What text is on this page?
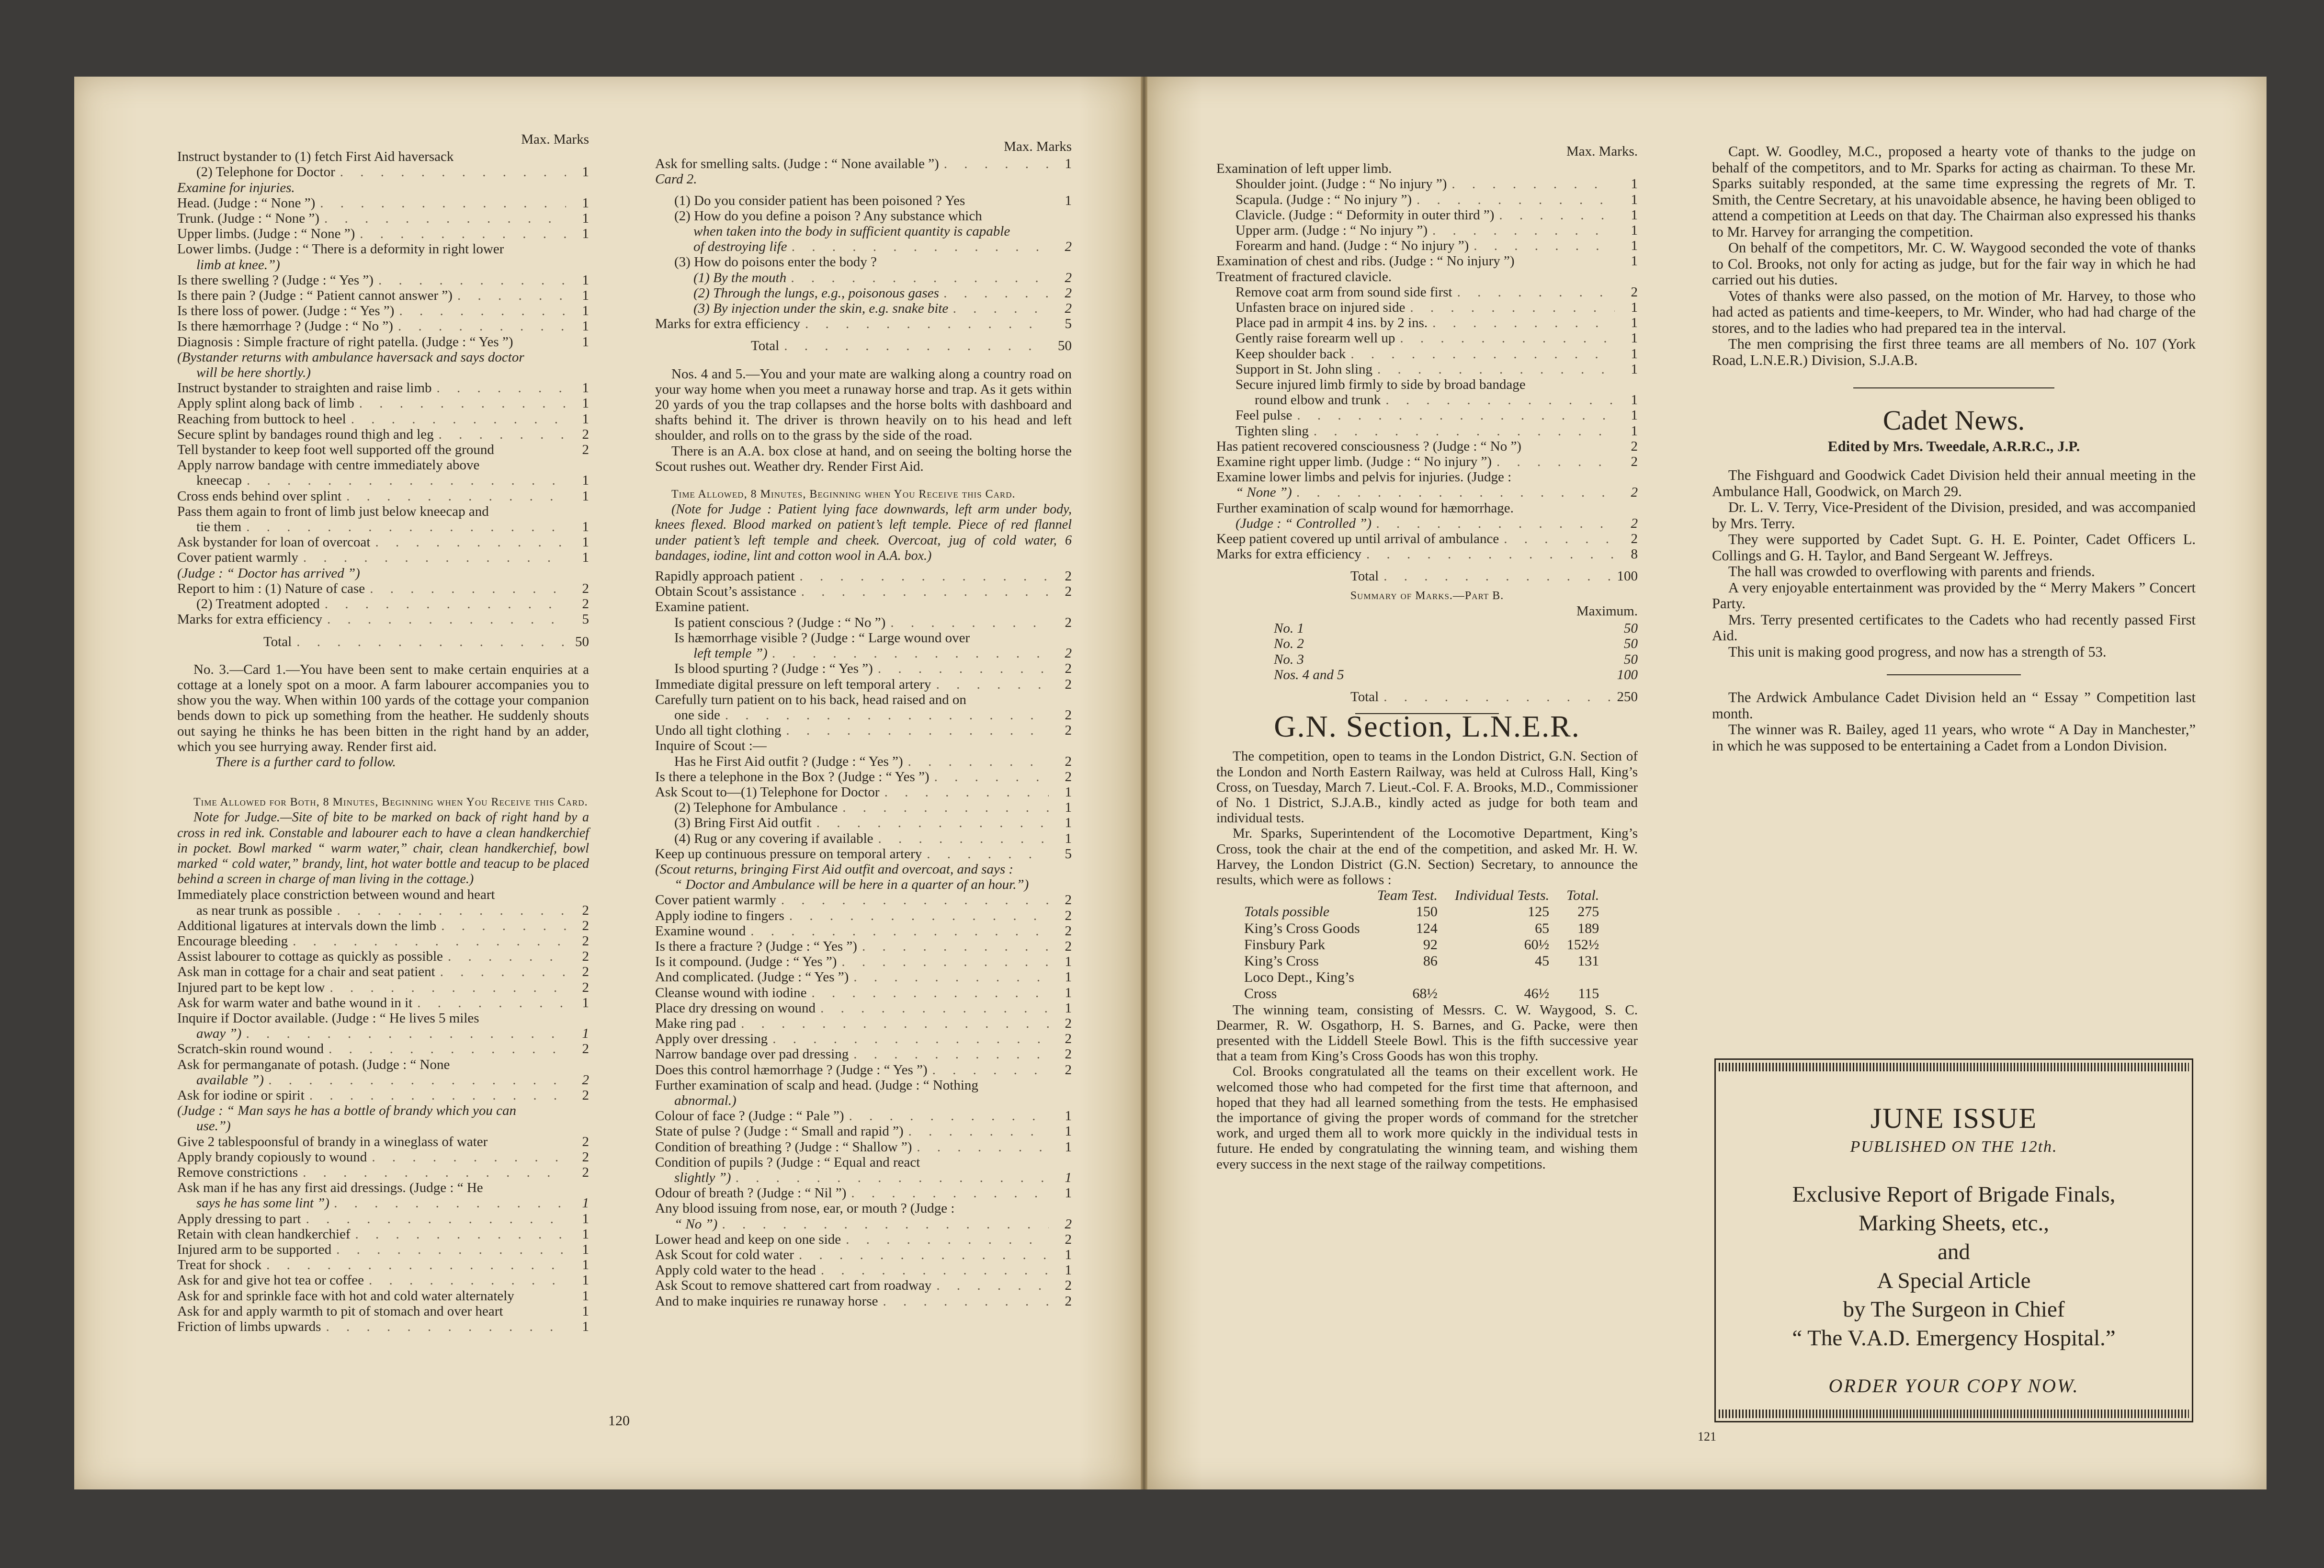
Max. Marks
Instruct bystander to (1) fetch First Aid haversack
(2) Telephone for Doctor . . .	1
Examine for injuries.
Head. (Judge : “ None ”) . . .	1
Trunk. (Judge : “ None ”) . . .	1
Upper limbs. (Judge : “ None ”) . . .	1
Lower limbs. (Judge : “ There is a deformity in right lower
limb at knee.”)
Is there swelling ? (Judge : “ Yes ”) . . .	1
Is there pain ? (Judge : “ Patient cannot answer ”) . . .	1
Is there loss of power. (Judge : “ Yes ”) . . .	1
Is there hæmorrhage ? (Judge : “ No ”) . . .	1
Diagnosis : Simple fracture of right patella. (Judge : “ Yes ”)	1
(Bystander returns with ambulance haversack and says doctor
will be here shortly.)
Instruct bystander to straighten and raise limb . . .	1
Apply splint along back of limb . . .	1
Reaching from buttock to heel . . .	1
Secure splint by bandages round thigh and leg . . .	2
Tell bystander to keep foot well supported off the ground	2
Apply narrow bandage with centre immediately above
kneecap . . .	1
Cross ends behind over splint . . .	1
Pass them again to front of limb just below kneecap and
tie them . . .	1
Ask bystander for loan of overcoat . . .	1
Cover patient warmly . . .	1
(Judge : “ Doctor has arrived ”)
Report to him : (1) Nature of case . . .	2
(2) Treatment adopted . . .	2
Marks for extra efficiency . . .	5
Total . . .	50

No. 3.—Card 1.—You have been sent to make certain enquiries at a cottage at a lonely spot on a moor. A farm labourer accompanies you to show you the way. When within 100 yards of the cottage your companion bends down to pick up something from the heather. He suddenly shouts out saying he thinks he has been bitten in the right hand by an adder, which you see hurrying away. Render first aid.

There is a further card to follow.

Time Allowed for Both, 8 Minutes, Beginning when You Receive this Card.

Note for Judge.—Site of bite to be marked on back of right hand by a cross in red ink. Constable and labourer each to have a clean handkerchief in pocket. Bowl marked “ warm water,” chair, clean handkerchief, bowl marked “ cold water,” brandy, lint, hot water bottle and teacup to be placed behind a screen in charge of man living in the cottage.)

Immediately place constriction between wound and heart
as near trunk as possible . . .	2
Additional ligatures at intervals down the limb . . .	2
Encourage bleeding . . .	2
Assist labourer to cottage as quickly as possible . . .	2
Ask man in cottage for a chair and seat patient . . .	2
Injured part to be kept low . . .	2
Ask for warm water and bathe wound in it . . .	1
Inquire if Doctor available. (Judge : “ He lives 5 miles
away ”) . . .	1
Scratch-skin round wound . . .	2
Ask for permanganate of potash. (Judge : “ None
available ”) . . .	2
Ask for iodine or spirit . . .	2
(Judge : “ Man says he has a bottle of brandy which you can
use.”)
Give 2 tablespoonsful of brandy in a wineglass of water	2
Apply brandy copiously to wound . . .	2
Remove constrictions . . .	2
Ask man if he has any first aid dressings. (Judge : “ He
says he has some lint ”) . . .	1
Apply dressing to part . . .	1
Retain with clean handkerchief . . .	1
Injured arm to be supported . . .	1
Treat for shock . . .	1
Ask for and give hot tea or coffee . . .	1
Ask for and sprinkle face with hot and cold water alternately	1
Ask for and apply warmth to pit of stomach and over heart	1
Friction of limbs upwards . . .	1
Max. Marks
Ask for smelling salts. (Judge : “ None available ”) . . .	1
Card 2.
(1) Do you consider patient has been poisoned ? Yes	1
(2) How do you define a poison ? Any substance which
when taken into the body in sufficient quantity is capable
of destroying life . . .	2
(3) How do poisons enter the body ?
(1) By the mouth . . .	2
(2) Through the lungs, e.g., poisonous gases . . .	2
(3) By injection under the skin, e.g. snake bite . . .	2
Marks for extra efficiency . . .	5
Total . . .	50

Nos. 4 and 5.—You and your mate are walking along a country road on your way home when you meet a runaway horse and trap. As it gets within 20 yards of you the trap collapses and the horse bolts with dashboard and shafts behind it. The driver is thrown heavily on to his head and left shoulder, and rolls on to the grass by the side of the road.

There is an A.A. box close at hand, and on seeing the bolting horse the Scout rushes out. Weather dry. Render First Aid.

Time Allowed, 8 Minutes, Beginning when You Receive this Card.

(Note for Judge : Patient lying face downwards, left arm under body, knees flexed. Blood marked on patient’s left temple. Piece of red flannel under patient’s left temple and cheek. Overcoat, jug of cold water, 6 bandages, iodine, lint and cotton wool in A.A. box.)

Rapidly approach patient . . .	2
Obtain Scout’s assistance . . .	2
Examine patient.
Is patient conscious ? (Judge : “ No ”) . . .	2
Is hæmorrhage visible ? (Judge : “ Large wound over
left temple ”) . . .	2
Is blood spurting ? (Judge : “ Yes ”) . . .	2
Immediate digital pressure on left temporal artery . . .	2
Carefully turn patient on to his back, head raised and on
one side . . .	2
Undo all tight clothing . . .	2
Inquire of Scout :—
Has he First Aid outfit ? (Judge : “ Yes ”) . . .	2
Is there a telephone in the Box ? (Judge : “ Yes ”) . . .	2
Ask Scout to—(1) Telephone for Doctor . . .	1
(2) Telephone for Ambulance . . .	1
(3) Bring First Aid outfit . . .	1
(4) Rug or any covering if available . . .	1
Keep up continuous pressure on temporal artery . . .	5
(Scout returns, bringing First Aid outfit and overcoat, and says :
“ Doctor and Ambulance will be here in a quarter of an hour.”)
Cover patient warmly . . .	2
Apply iodine to fingers . . .	2
Examine wound . . .	2
Is there a fracture ? (Judge : “ Yes ”) . . .	2
Is it compound. (Judge : “ Yes ”) . . .	1
And complicated. (Judge : “ Yes ”) . . .	1
Cleanse wound with iodine . . .	1
Place dry dressing on wound . . .	1
Make ring pad . . .	2
Apply over dressing . . .	2
Narrow bandage over pad dressing . . .	2
Does this control hæmorrhage ? (Judge : “ Yes ”) . . .	2
Further examination of scalp and head. (Judge : “ Nothing
abnormal.)
Colour of face ? (Judge : “ Pale ”) . . .	1
State of pulse ? (Judge : “ Small and rapid ”) . . .	1
Condition of breathing ? (Judge : “ Shallow ”) . . .	1
Condition of pupils ? (Judge : “ Equal and react
slightly ”) . . .	1
Odour of breath ? (Judge : “ Nil ”) . . .	1
Any blood issuing from nose, ear, or mouth ? (Judge :
“ No ”) . . .	2
Lower head and keep on one side . . .	2
Ask Scout for cold water . . .	1
Apply cold water to the head . . .	1
Ask Scout to remove shattered cart from roadway . . .	2
And to make inquiries re runaway horse . . .	2
120
Max. Marks.
Examination of left upper limb.
Shoulder joint. (Judge : “ No injury ”) . . .	1
Scapula. (Judge : “ No injury ”) . . .	1
Clavicle. (Judge : “ Deformity in outer third ”) . . .	1
Upper arm. (Judge : “ No injury ”) . . .	1
Forearm and hand. (Judge : “ No injury ”) . . .	1
Examination of chest and ribs. (Judge : “ No injury ”)	1
Treatment of fractured clavicle.
Remove coat arm from sound side first . . .	2
Unfasten brace on injured side . . .	1
Place pad in armpit 4 ins. by 2 ins. . . .	1
Gently raise forearm well up . . .	1
Keep shoulder back . . .	1
Support in St. John sling . . .	1
Secure injured limb firmly to side by broad bandage
round elbow and trunk . . .	1
Feel pulse . . .	1
Tighten sling . . .	1
Has patient recovered consciousness ? (Judge : “ No ”)	2
Examine right upper limb. (Judge : “ No injury ”) . . .	2
Examine lower limbs and pelvis for injuries. (Judge :
“ None ”) . . .	2
Further examination of scalp wound for hæmorrhage.
(Judge : “ Controlled ”) . . .	2
Keep patient covered up until arrival of ambulance . . .	2
Marks for extra efficiency . . .	8
Total . . .	100
Summary of Marks.—Part B.
Maximum.
No. 1	50
No. 2	50
No. 3	50
Nos. 4 and 5	100
Total . . .	250
G.N. Section, L.N.E.R.

The competition, open to teams in the London District, G.N. Section of the London and North Eastern Railway, was held at Culross Hall, King’s Cross, on Tuesday, March 7. Lieut.-Col. F. A. Brooks, M.D., Commissioner of No. 1 District, S.J.A.B., kindly acted as judge for both team and individual tests.

Mr. Sparks, Superintendent of the Locomotive Department, King’s Cross, took the chair at the end of the competition, and asked Mr. H. W. Harvey, the London District (G.N. Section) Secretary, to announce the results, which were as follows :

	Team Test.	Individual Tests.	Total.
Totals possible	150	125	275
King’s Cross Goods	124	65	189
Finsbury Park	92	60½	152½
King’s Cross	86	45	131
Loco Dept., King’s			
Cross	68½	46½	115

The winning team, consisting of Messrs. C. W. Waygood, S. C. Dearmer, R. W. Osgathorp, H. S. Barnes, and G. Packe, were then presented with the Liddell Steele Bowl. This is the fifth successive year that a team from King’s Cross Goods has won this trophy.

Col. Brooks congratulated all the teams on their excellent work. He welcomed those who had competed for the first time that afternoon, and hoped that they had all learned something from the tests. He emphasised the importance of giving the proper words of command for the stretcher work, and urged them all to work more quickly in the individual tests in future. He ended by congratulating the winning team, and wishing them every success in the next stage of the railway competitions.

Capt. W. Goodley, M.C., proposed a hearty vote of thanks to the judge on behalf of the competitors, and to Mr. Sparks for acting as chairman. To these Mr. Sparks suitably responded, at the same time expressing the regrets of Mr. T. Smith, the Centre Secretary, at his unavoidable absence, he having been obliged to attend a competition at Leeds on that day. The Chairman also expressed his thanks to Mr. Harvey for arranging the competition.

On behalf of the competitors, Mr. C. W. Waygood seconded the vote of thanks to Col. Brooks, not only for acting as judge, but for the fair way in which he had carried out his duties.

Votes of thanks were also passed, on the motion of Mr. Harvey, to those who had acted as patients and time-keepers, to Mr. Winder, who had had charge of the stores, and to the ladies who had prepared tea in the interval.

The men comprising the first three teams are all members of No. 107 (York Road, L.N.E.R.) Division, S.J.A.B.

Cadet News.
Edited by Mrs. Tweedale, A.R.R.C., J.P.

The Fishguard and Goodwick Cadet Division held their annual meeting in the Ambulance Hall, Goodwick, on March 29.

Dr. L. V. Terry, Vice-President of the Division, presided, and was accompanied by Mrs. Terry.

They were supported by Cadet Supt. G. H. E. Pointer, Cadet Officers L. Collings and G. H. Taylor, and Band Sergeant W. Jeffreys.

The hall was crowded to overflowing with parents and friends.

A very enjoyable entertainment was provided by the “ Merry Makers ” Concert Party.

Mrs. Terry presented certificates to the Cadets who had recently passed First Aid.

This unit is making good progress, and now has a strength of 53.

The Ardwick Ambulance Cadet Division held an “ Essay ” Competition last month.

The winner was R. Bailey, aged 11 years, who wrote “ A Day in Manchester,” in which he was supposed to be entertaining a Cadet from a London Division.

JUNE ISSUE
PUBLISHED ON THE 12th.
Exclusive Report of Brigade Finals,
Marking Sheets, etc.,
and
A Special Article
by The Surgeon in Chief
“ The V.A.D. Emergency Hospital.”
ORDER YOUR COPY NOW.
121
